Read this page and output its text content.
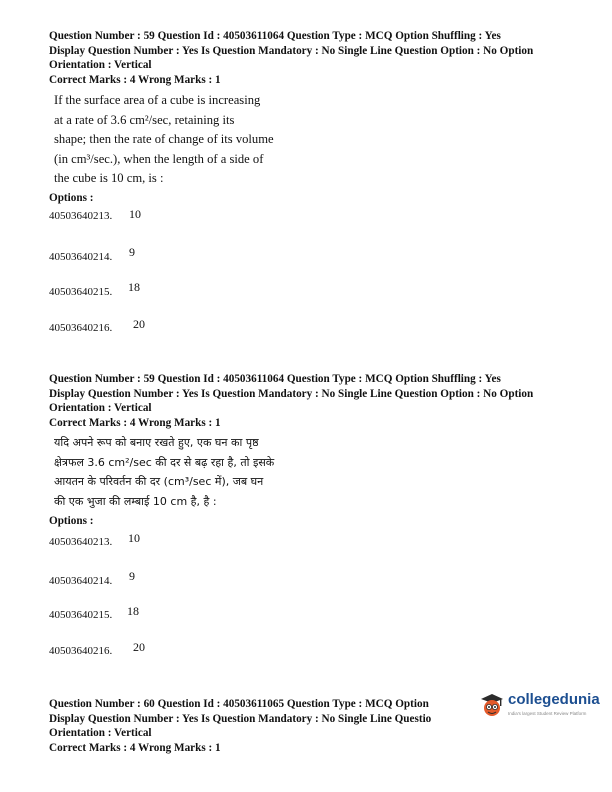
Question Number : 59 Question Id : 40503611064 Question Type : MCQ Option Shuffling : Yes
Display Question Number : Yes Is Question Mandatory : No Single Line Question Option : No Option
Orientation : Vertical
Correct Marks : 4 Wrong Marks : 1
If the surface area of a cube is increasing
at a rate of 3.6 cm²/sec, retaining its
shape; then the rate of change of its volume
(in cm³/sec.), when the length of a side of
the cube is 10 cm, is :
Options :
40503640213. 10
40503640214. 9
40503640215. 18
40503640216. 20
Question Number : 59 Question Id : 40503611064 Question Type : MCQ Option Shuffling : Yes
Display Question Number : Yes Is Question Mandatory : No Single Line Question Option : No Option
Orientation : Vertical
Correct Marks : 4 Wrong Marks : 1
यदि अपने रूप को बनाए रखते हुए, एक घन का पृष्ठ
क्षेत्रफल 3.6 cm²/sec की दर से बढ़ रहा है, तो इसके
आयतन के परिवर्तन की दर (cm³/sec में), जब घन
की एक भुजा की लम्बाई 10 cm है, है :
Options :
40503640213. 10
40503640214. 9
40503640215. 18
40503640216. 20
Question Number : 60 Question Id : 40503611065 Question Type : MCQ Option
Display Question Number : Yes Is Question Mandatory : No Single Line Questio
Orientation : Vertical
Correct Marks : 4 Wrong Marks : 1
collegedunia
India's largest Student Review Platform
